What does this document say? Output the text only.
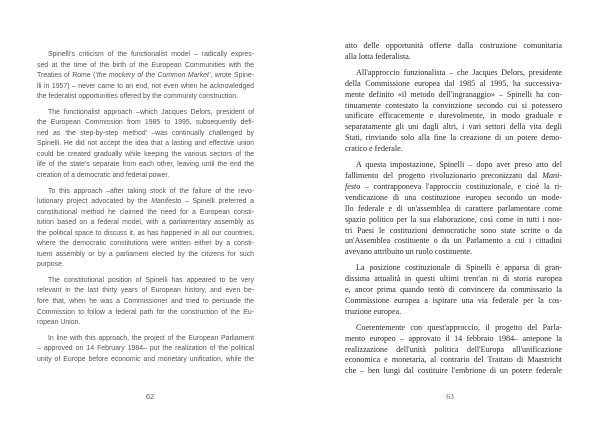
Spinelli's criticism of the functionalist model – radically expres-
sed at the time of the birth of the European Communities with the
Treaties of Rome (‘the mockery of the Common Market’, wrote Spine-
lli in 1957) – never came to an end, not even when he acknowledged
the federalist opportunities offered by the community construction.
The functionalist approach –which Jacques Delors, president of
the European Commission from 1985 to 1995, subsequently defi-
ned as ‘the step-by-step method’ –was continually challenged by
Spinelli. He did not accept the idea that a lasting and effective union
could be created gradually while keeping the various sectors of the
life of the state's separate from each other, leaving until the end the
creation of a democratic and federal power.
To this approach –after taking stock of the failure of the revo-
lutionary project advocated by the Manifesto – Spinelli preferred a
constitutional method he claimed the need for a European consti-
tution based on a federal model, with a parliamentary assembly as
the political space to discuss it, as has happened in all our countries,
where the democratic constitutions were written either by a consti-
tuent assembly or by a parliament elected by the citizens for such
purpose.
The constitutional position of Spinelli has appeared to be very
relevant in the last thirty years of European history, and even be-
fore that, when he was a Commissioner and tried to persuade the
Commission to follow a federal path for the construction of the Eu-
ropean Union.
In line with this approach, the project of the European Parliament
– approved on 14 February 1984– put the realization of the political
unity of Europe before economic and monetary unification, while the
62
atto delle opportunità offerte dalla costruzione comunitaria
alla lotta federalista.
All'approccio funzionalista – che Jacques Delors, presidente
della Commissione europea dal 1985 al 1995, ha successiva-
mente definito «il metodo dell'ingranaggio» – Spinelli ha con-
tinuamente contestato la convinzione secondo cui si potessero
unificare efficacemente e durevolmente, in modo graduale e
separatamente gli uni dagli altri, i vari settori della vita degli
Stati, rinviando solo alla fine la creazione di un potere demo-
cratico e federale.
A questa impostazione, Spinelli – dopo aver preso atto del
fallimento del progetto rivoluzionario preconizzato dal Mani-
festo – contrapponeva l'approccio costituzionale, e cioè la ri-
vendicazione di una costituzione europea secondo un mode-
llo federale e di un'assemblea di carattere parlamentare come
spazio politico per la sua elaborazione, così come in tutti i nos-
tri Paesi le costituzioni democratiche sono state scritte o da
un'Assemblea costituente o da un Parlamento a cui i cittadini
avevano attribuito un ruolo costituente.
La posizione costituzionale di Spinelli è apparsa di gran-
dissima attualità in questi ultimi trent'an ni di storia europea
e, ancor prima quando tentò di convincere da commissario la
Commissione europea a ispirare una via federale per la cos-
truzione europea.
Coerentemente con quest'approccio, il progetto del Parla-
mento europeo – approvato il 14 febbraio 1984– antepone la
realizzazione dell'unità politica dell'Europa all'unificazione
economica e monetaria, al contrario del Trattato di Maastricht
che – ben lungi dal costituire l'embrione di un potere federale
63
